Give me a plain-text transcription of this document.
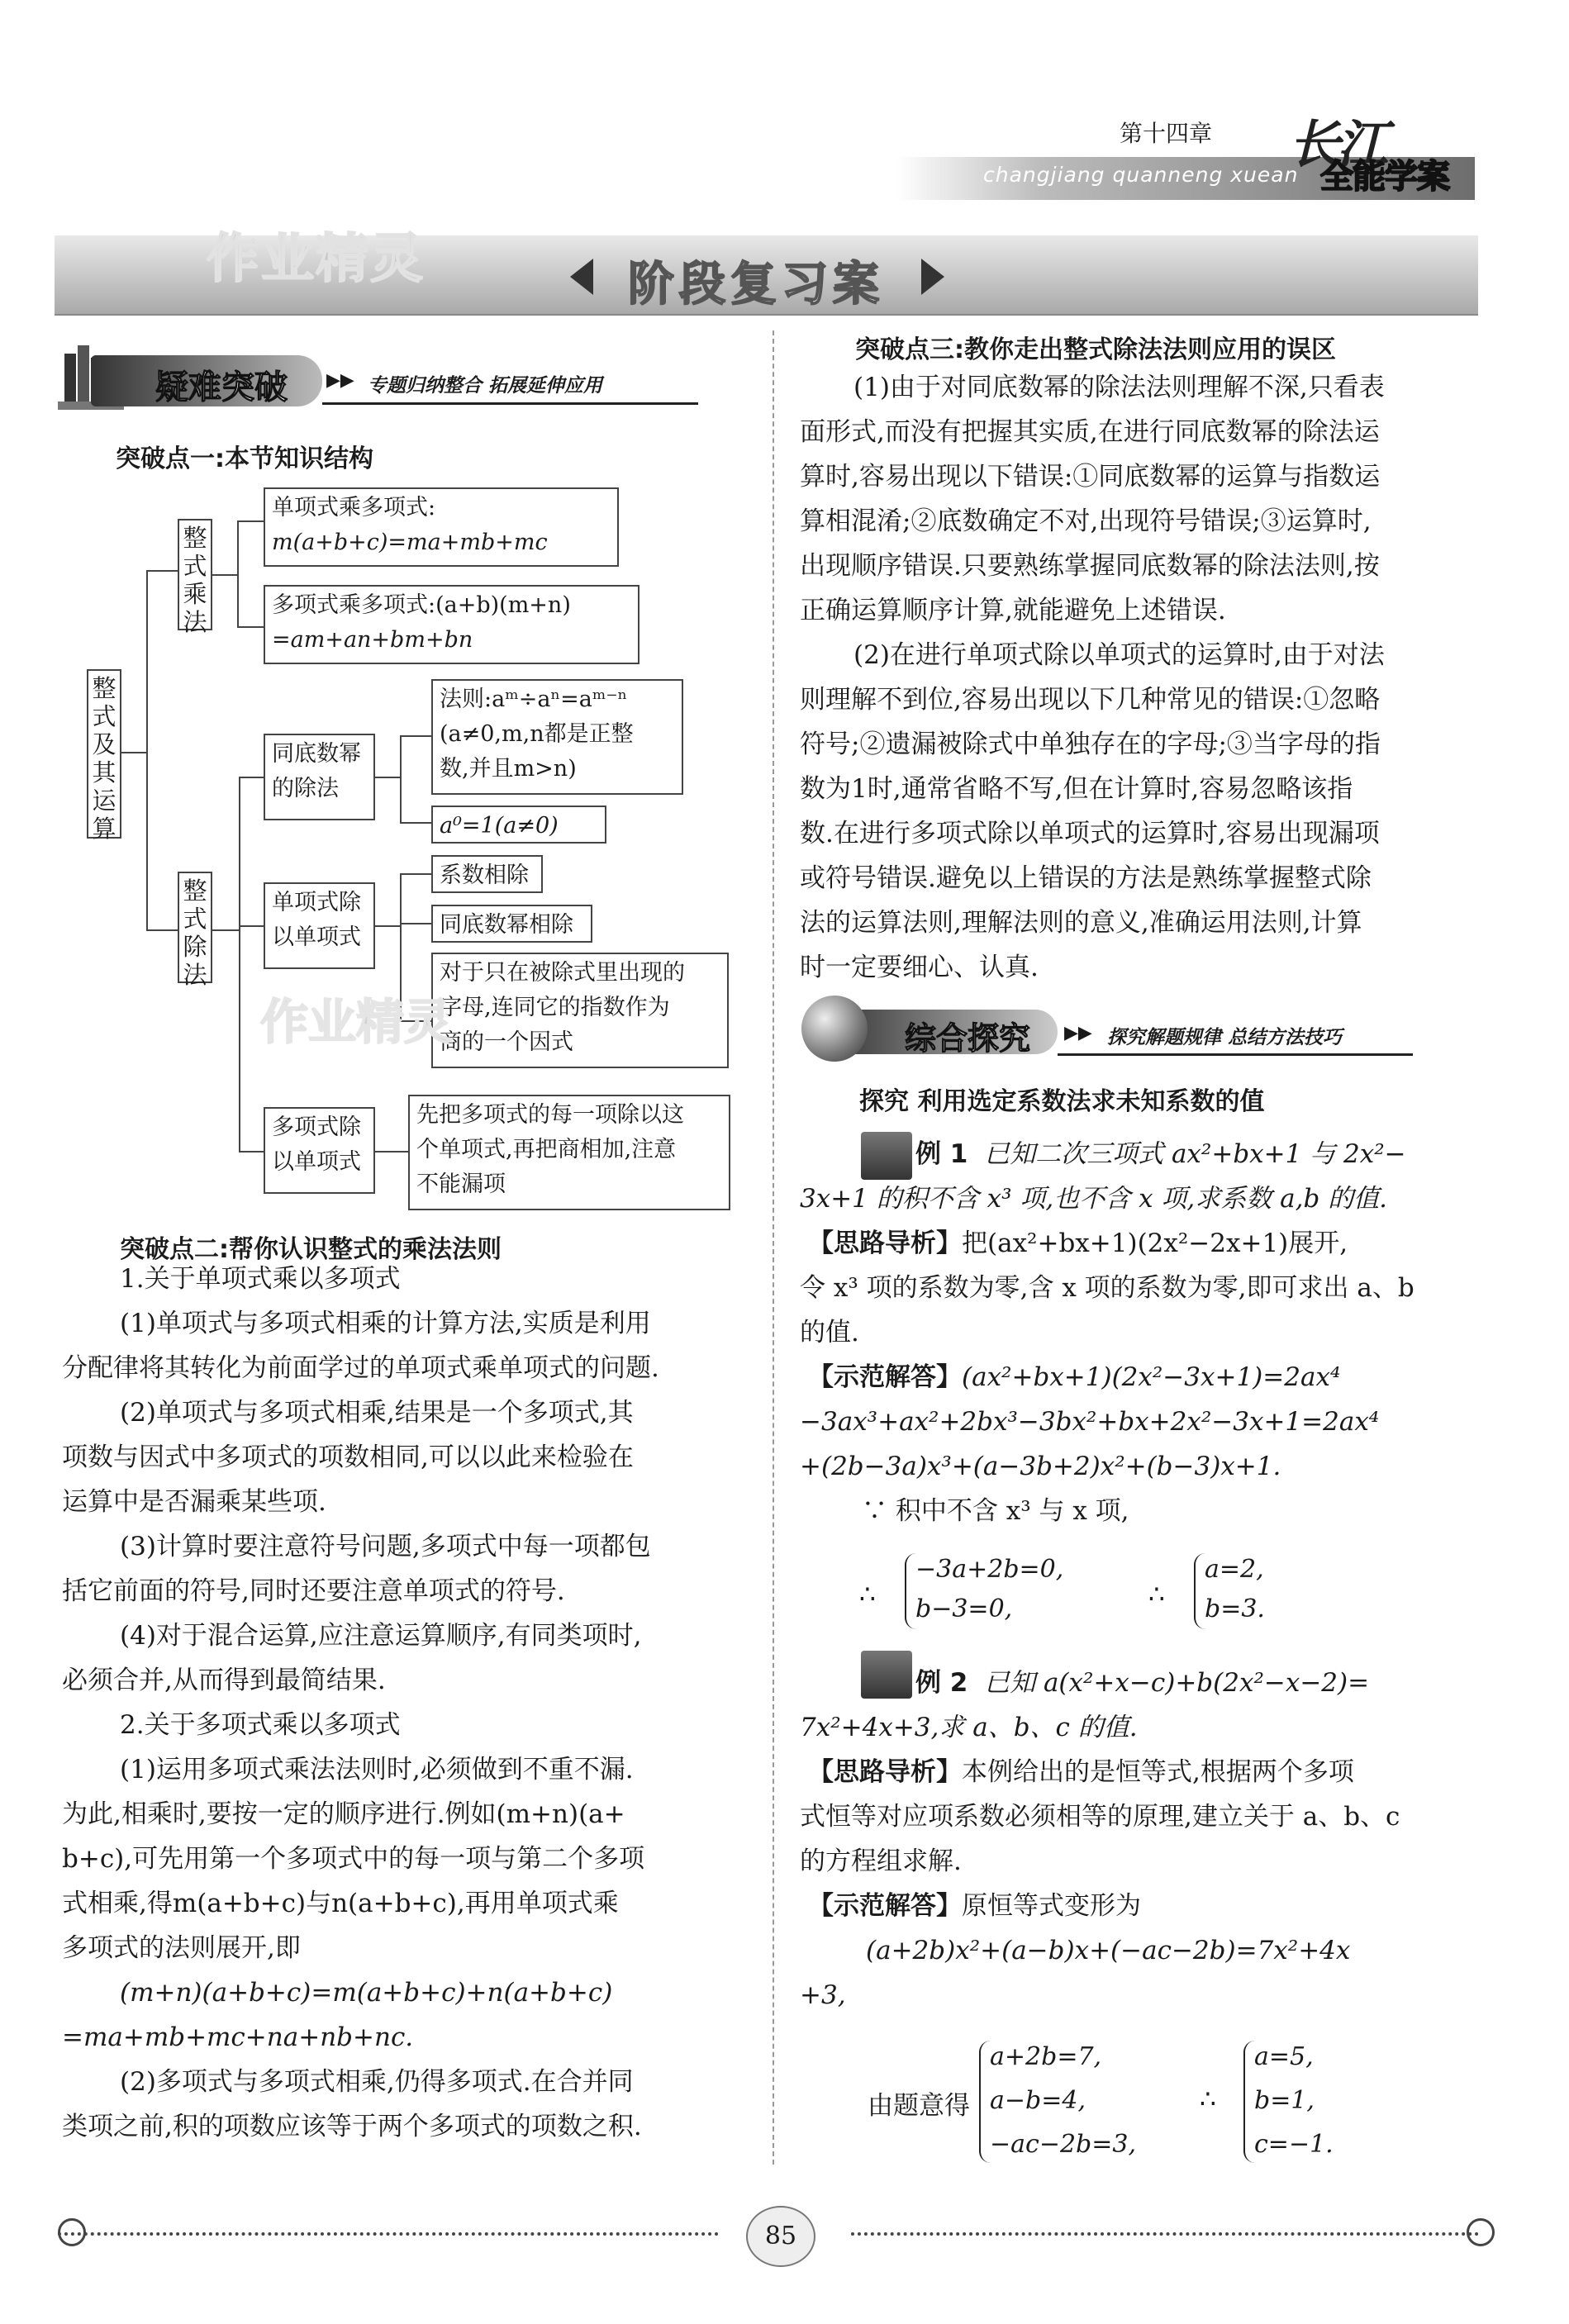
第十四章
changjiang quanneng xuean
长江
全能学案
作业精灵	阶段复习案
疑难突破 ▶▶ 专题归纳整合 拓展延伸应用
突破点一:本节知识结构
整式及其运算
整式乘法
单项式乘多项式:
m(a+b+c)=ma+mb+mc
多项式乘多项式:(a+b)(m+n)
=am+an+bm+bn
整式除法
同底数幂的除法
法则:aᵐ÷aⁿ=aᵐ⁻ⁿ
(a≠0,m,n都是正整
数,并且m>n)
a⁰=1(a≠0)
单项式除以单项式
系数相除
同底数幂相除
对于只在被除式里出现的
字母,连同它的指数作为
商的一个因式
多项式除以单项式
先把多项式的每一项除以这
个单项式,再把商相加,注意
不能漏项
作业精灵
突破点二:帮你认识整式的乘法法则
1.关于单项式乘以多项式
(1)单项式与多项式相乘的计算方法,实质是利用
分配律将其转化为前面学过的单项式乘单项式的问题.
(2)单项式与多项式相乘,结果是一个多项式,其
项数与因式中多项式的项数相同,可以以此来检验在
运算中是否漏乘某些项.
(3)计算时要注意符号问题,多项式中每一项都包
括它前面的符号,同时还要注意单项式的符号.
(4)对于混合运算,应注意运算顺序,有同类项时,
必须合并,从而得到最简结果.
2.关于多项式乘以多项式
(1)运用多项式乘法法则时,必须做到不重不漏.
为此,相乘时,要按一定的顺序进行.例如(m+n)(a+
b+c),可先用第一个多项式中的每一项与第二个多项
式相乘,得m(a+b+c)与n(a+b+c),再用单项式乘
多项式的法则展开,即
(m+n)(a+b+c)=m(a+b+c)+n(a+b+c)
=ma+mb+mc+na+nb+nc.
(2)多项式与多项式相乘,仍得多项式.在合并同
类项之前,积的项数应该等于两个多项式的项数之积.
突破点三:教你走出整式除法法则应用的误区
(1)由于对同底数幂的除法法则理解不深,只看表
面形式,而没有把握其实质,在进行同底数幂的除法运
算时,容易出现以下错误:①同底数幂的运算与指数运
算相混淆;②底数确定不对,出现符号错误;③运算时,
出现顺序错误.只要熟练掌握同底数幂的除法法则,按
正确运算顺序计算,就能避免上述错误.
(2)在进行单项式除以单项式的运算时,由于对法
则理解不到位,容易出现以下几种常见的错误:①忽略
符号;②遗漏被除式中单独存在的字母;③当字母的指
数为1时,通常省略不写,但在计算时,容易忽略该指
数.在进行多项式除以单项式的运算时,容易出现漏项
或符号错误.避免以上错误的方法是熟练掌握整式除
法的运算法则,理解法则的意义,准确运用法则,计算
时一定要细心、认真.
综合探究 ▶▶ 探究解题规律 总结方法技巧
探究 利用选定系数法求未知系数的值
例 1 已知二次三项式 ax²+bx+1 与 2x²−
3x+1 的积不含 x³ 项,也不含 x 项,求系数 a,b 的值.
【思路导析】把(ax²+bx+1)(2x²−2x+1)展开,
令 x³ 项的系数为零,含 x 项的系数为零,即可求出 a、b
的值.
【示范解答】(ax²+bx+1)(2x²−3x+1)=2ax⁴
−3ax³+ax²+2bx³−3bx²+bx+2x²−3x+1=2ax⁴
+(2b−3a)x³+(a−3b+2)x²+(b−3)x+1.
∵ 积中不含 x³ 与 x 项,
∴
−3a+2b=0,
b−3=0,	∴
a=2,
b=3.
例 2 已知 a(x²+x−c)+b(2x²−x−2)=
7x²+4x+3,求 a、b、c 的值.
【思路导析】本例给出的是恒等式,根据两个多项
式恒等对应项系数必须相等的原理,建立关于 a、b、c
的方程组求解.
【示范解答】原恒等式变形为
(a+2b)x²+(a−b)x+(−ac−2b)=7x²+4x
+3,
由题意得
a+2b=7,
a−b=4,
−ac−2b=3,
∴
a=5,
b=1,
c=−1.
85
